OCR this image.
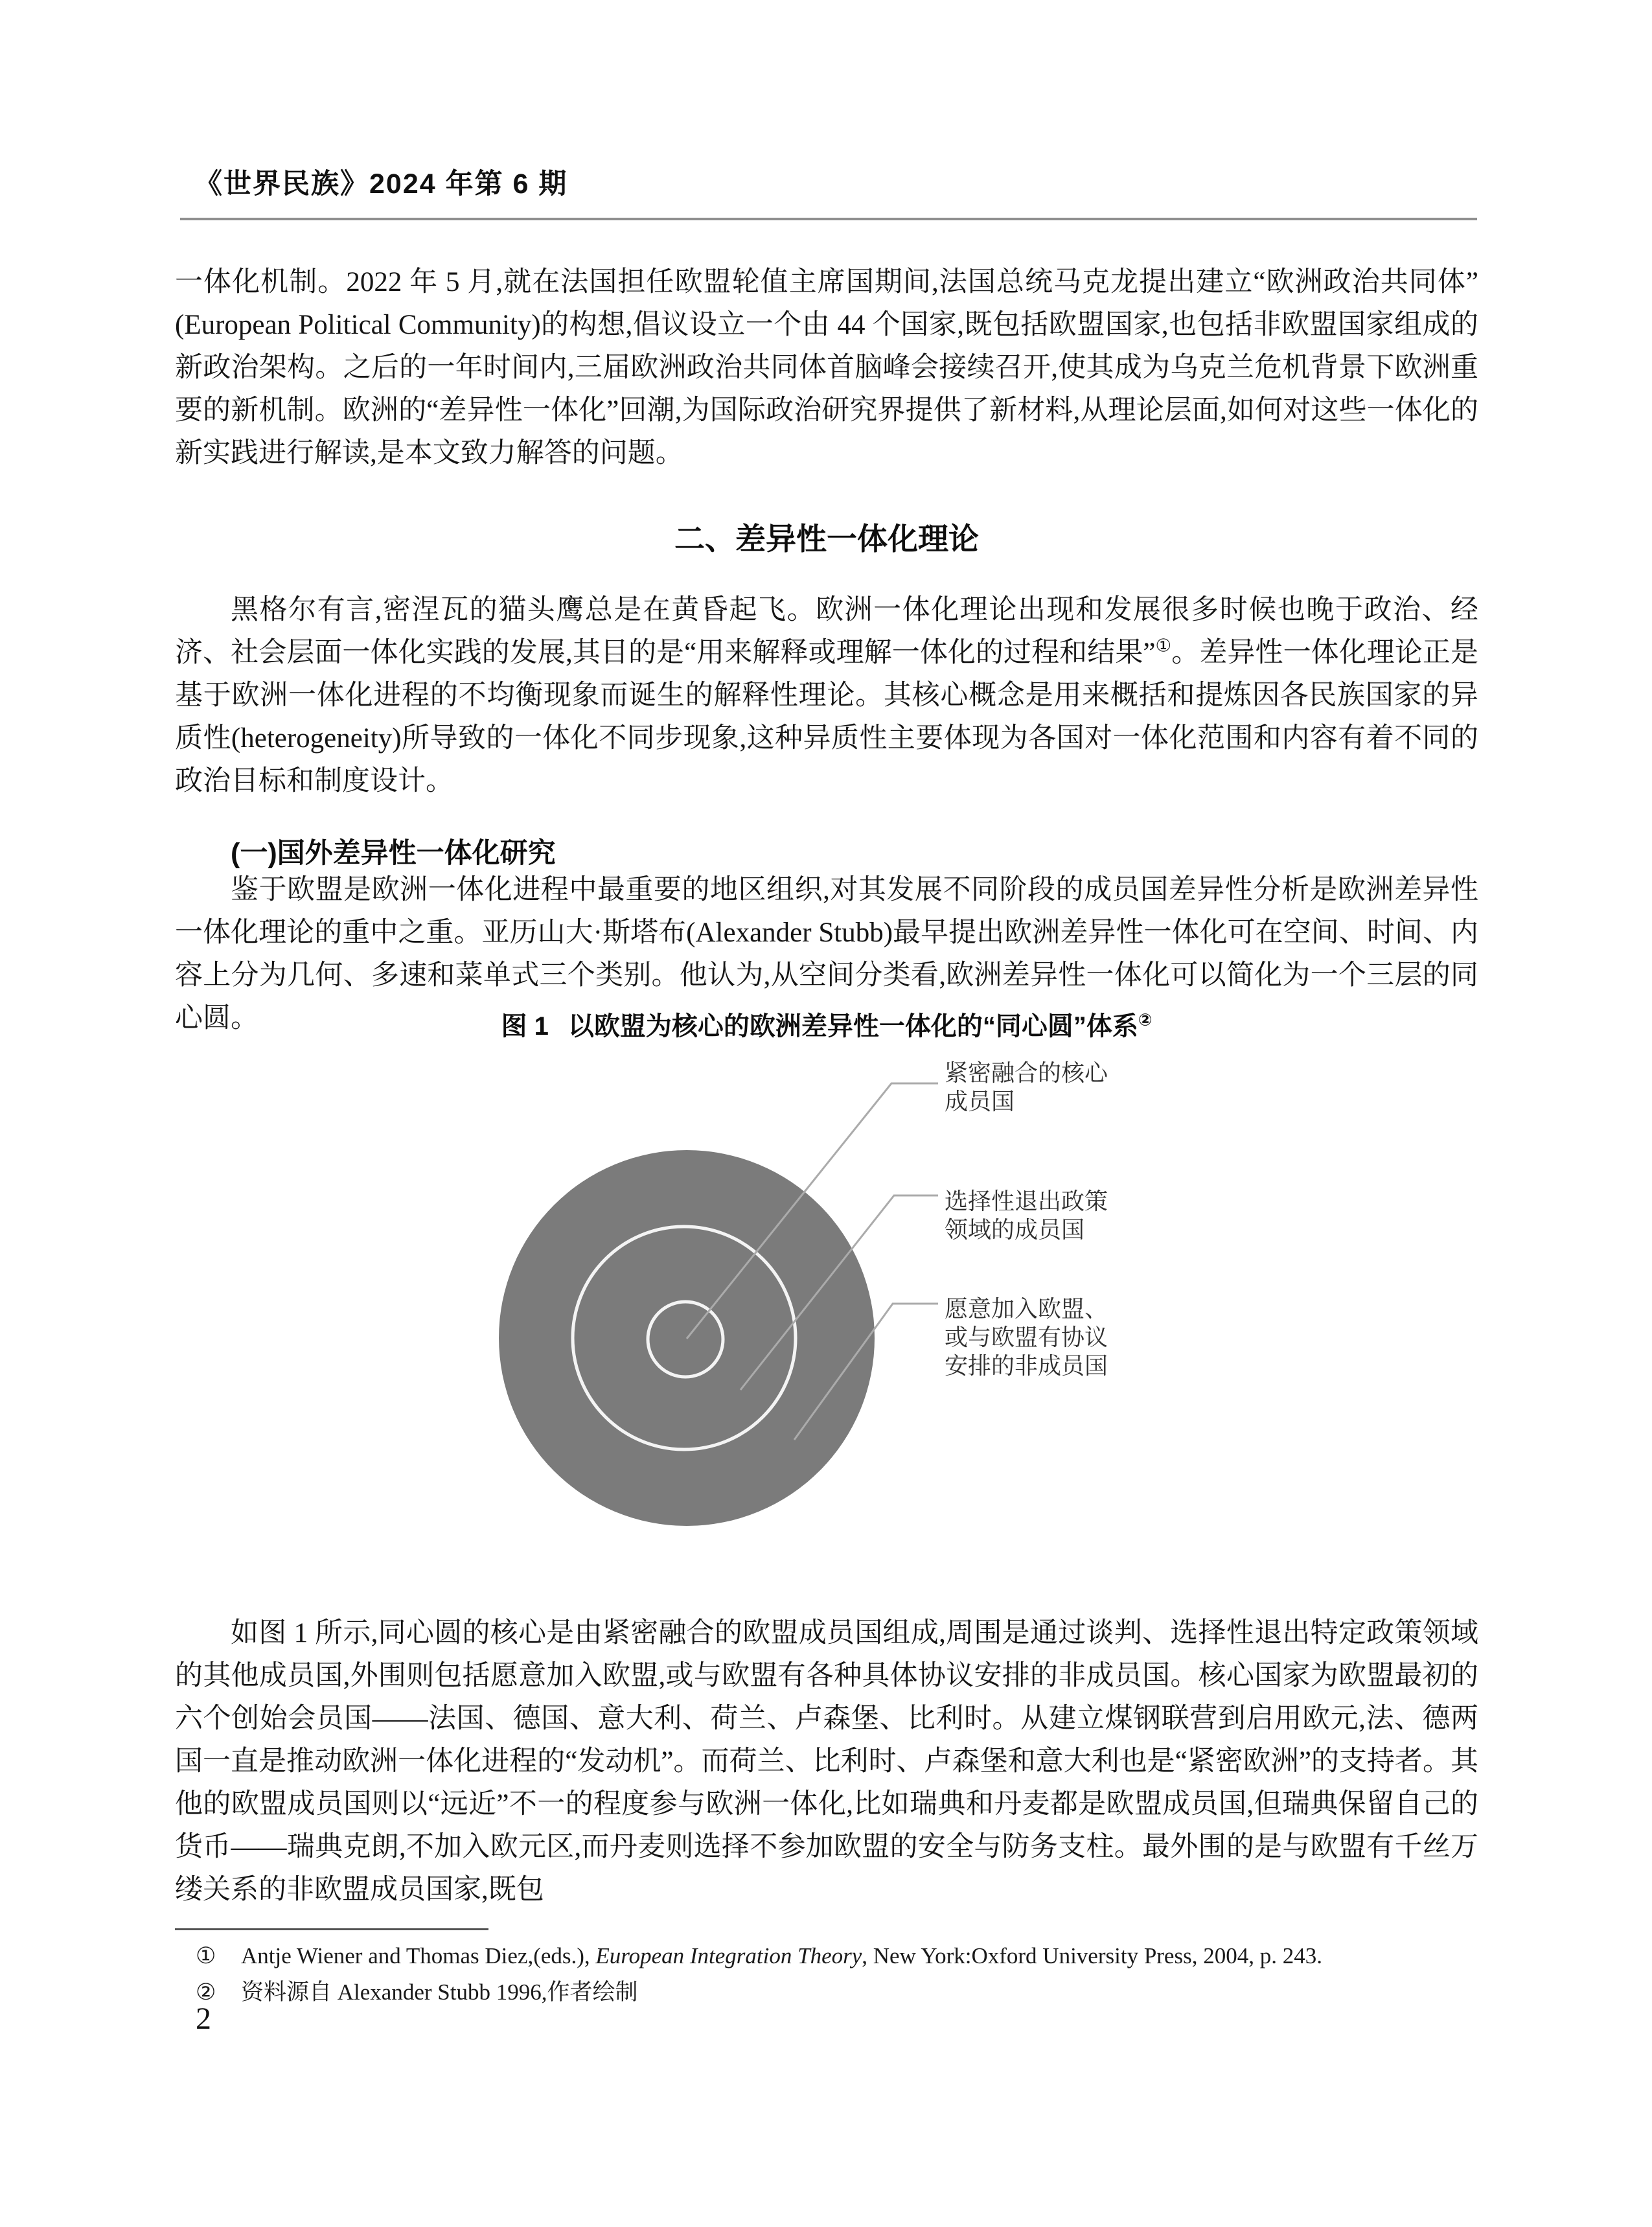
《世界民族》2024 年第 6 期

一体化机制。2022 年 5 月,就在法国担任欧盟轮值主席国期间,法国总统马克龙提出建立“欧洲政治共同体”(European Political Community)的构想,倡议设立一个由 44 个国家,既包括欧盟国家,也包括非欧盟国家组成的新政治架构。之后的一年时间内,三届欧洲政治共同体首脑峰会接续召开,使其成为乌克兰危机背景下欧洲重要的新机制。欧洲的“差异性一体化”回潮,为国际政治研究界提供了新材料,从理论层面,如何对这些一体化的新实践进行解读,是本文致力解答的问题。

二、差异性一体化理论

黑格尔有言,密涅瓦的猫头鹰总是在黄昏起飞。欧洲一体化理论出现和发展很多时候也晚于政治、经济、社会层面一体化实践的发展,其目的是“用来解释或理解一体化的过程和结果”①。差异性一体化理论正是基于欧洲一体化进程的不均衡现象而诞生的解释性理论。其核心概念是用来概括和提炼因各民族国家的异质性(heterogeneity)所导致的一体化不同步现象,这种异质性主要体现为各国对一体化范围和内容有着不同的政治目标和制度设计。

(一)国外差异性一体化研究

鉴于欧盟是欧洲一体化进程中最重要的地区组织,对其发展不同阶段的成员国差异性分析是欧洲差异性一体化理论的重中之重。亚历山大·斯塔布(Alexander Stubb)最早提出欧洲差异性一体化可在空间、时间、内容上分为几何、多速和菜单式三个类别。他认为,从空间分类看,欧洲差异性一体化可以简化为一个三层的同心圆。	图 1 以欧盟为核心的欧洲差异性一体化的“同心圆”体系②
紧密融合的核心
成员国
选择性退出政策
领域的成员国
愿意加入欧盟、
或与欧盟有协议
安排的非成员国

如图 1 所示,同心圆的核心是由紧密融合的欧盟成员国组成,周围是通过谈判、选择性退出特定政策领域的其他成员国,外围则包括愿意加入欧盟,或与欧盟有各种具体协议安排的非成员国。核心国家为欧盟最初的六个创始会员国——法国、德国、意大利、荷兰、卢森堡、比利时。从建立煤钢联营到启用欧元,法、德两国一直是推动欧洲一体化进程的“发动机”。而荷兰、比利时、卢森堡和意大利也是“紧密欧洲”的支持者。其他的欧盟成员国则以“远近”不一的程度参与欧洲一体化,比如瑞典和丹麦都是欧盟成员国,但瑞典保留自己的货币——瑞典克朗,不加入欧元区,而丹麦则选择不参加欧盟的安全与防务支柱。最外围的是与欧盟有千丝万缕关系的非欧盟成员国家,既包

①	Antje Wiener and Thomas Diez,(eds.), European Integration Theory, New York:Oxford University Press, 2004, p. 243.
②	资料源自 Alexander Stubb 1996,作者绘制
2
